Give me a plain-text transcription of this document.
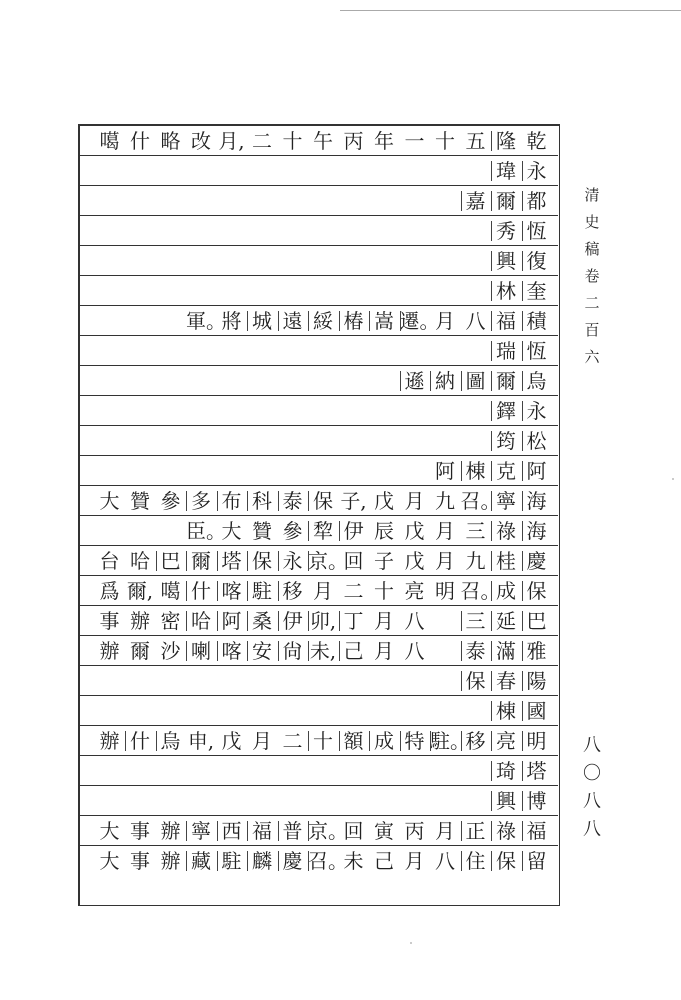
乾
隆
五
十
一
年
丙
午
十
二
月,
改
略
什
噶
永
瑋
都
爾
嘉
恆
秀
復
興
奎
林
積
福
八
月
遷。
嵩
椿
綏
遠
城
將
軍。
恆
瑞
烏
爾
圖
納
遜
永
鐸
松
筠
阿
克
棟
阿
海
寧
召。
九
月
戊
子,
保
泰
科
布
多
參
贊
大
海
祿
三
月
戊
辰
伊
犂
參
贊
大
臣。
慶
桂
九
月
戊
子
回
京。
永
保
塔
爾
巴
哈
台
保
成
召。
明
亮
十
二
月
移
駐
喀
什
噶
爾,
爲
巴
延
三
八
月
丁
卯,
伊
桑
阿
哈
密
辦
事
雅
滿
泰
八
月
己
未,
尙
安
喀
喇
沙
爾
辦
陽
春
保
國
棟
明
亮
移
駐。
特
成
額
十
二
月
戊
申,
烏
什
辦
塔
琦
博
興
福
祿
正
月
丙
寅
回
京。
普
福
西
寧
辦
事
大
留
保
住
八
月
己
未
召。
慶
麟
駐
藏
辦
事
大
清
史
稿
卷
二
百
六
八
〇
八
八
